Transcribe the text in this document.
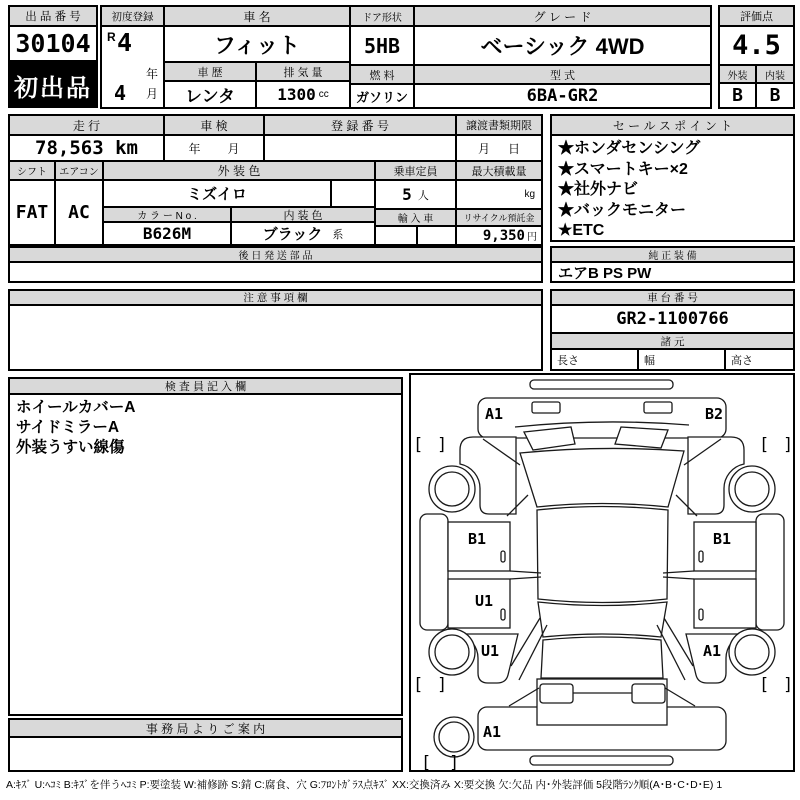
出 品 番 号
30104
初出品
初度登録
R 4
年
4 月
車 名
フィット
車 歴
レンタ
排 気 量
1300 cc
ドア形状
5HB
燃 料
ガソリン
グ レ ー ド
ベーシック 4WD
型 式
6BA-GR2
評価点
4.5
外装
B
内装
B
走 行
78,563 km
車 検
年 月
登 録 番 号	譲渡書類期限
月 日
シフト
FAT
エアコン
AC
外 装 色
ミズイロ
カ ラ ー N o .	内 装 色
B626M	ブラック 系
乗車定員
5 人
輸 入 車
最大積載量
kg
リサイクル預託金
9,350 円
セ ー ル ス ポ イ ン ト
★ホンダセンシング
★スマートキー×2
★社外ナビ
★バックモニター
★ETC
後 日 発 送 部 品	純 正 装 備
エアB PS PW
注 意 事 項 欄	車 台 番 号
GR2-1100766
諸 元
長さ	幅	高さ
検 査 員 記 入 欄
ホイールカバーA
サイドミラーA
外装うすい線傷
事 務 局 よ り ご 案 内
A:ｷｽﾞ U:ﾍｺﾐ B:ｷｽﾞを伴うﾍｺﾐ P:要塗装 W:補修跡 S:錆 C:腐食、穴 G:ﾌﾛﾝﾄｶﾞﾗｽ点ｷｽﾞ XX:交換済み X:要交換 欠:欠品 内･外装評価 5段階ﾗﾝｸ順(A･B･C･D･E) 1
[ ]	[ ]
[ ]	[ ]
[ ]
A1	B2
B1	B1
U1
U1	A1
A1
